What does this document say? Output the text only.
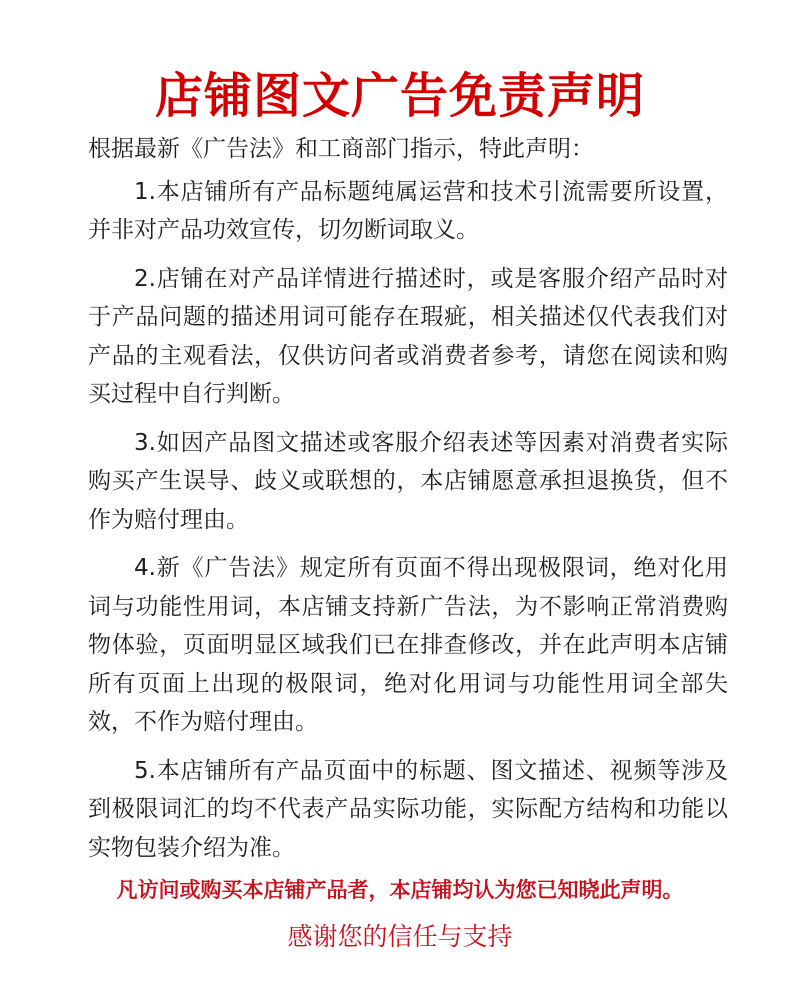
店铺图文广告免责声明

根据最新《广告法》和工商部门指示，特此声明：

1.本店铺所有产品标题纯属运营和技术引流需要所设置，并非对产品功效宣传，切勿断词取义。

2.店铺在对产品详情进行描述时，或是客服介绍产品时对于产品问题的描述用词可能存在瑕疵，相关描述仅代表我们对产品的主观看法，仅供访问者或消费者参考，请您在阅读和购买过程中自行判断。

3.如因产品图文描述或客服介绍表述等因素对消费者实际购买产生误导、歧义或联想的，本店铺愿意承担退换货，但不作为赔付理由。

4.新《广告法》规定所有页面不得出现极限词，绝对化用词与功能性用词，本店铺支持新广告法，为不影响正常消费购物体验，页面明显区域我们已在排查修改，并在此声明本店铺所有页面上出现的极限词，绝对化用词与功能性用词全部失效，不作为赔付理由。

5.本店铺所有产品页面中的标题、图文描述、视频等涉及到极限词汇的均不代表产品实际功能，实际配方结构和功能以实物包装介绍为准。

凡访问或购买本店铺产品者，本店铺均认为您已知晓此声明。
感谢您的信任与支持
